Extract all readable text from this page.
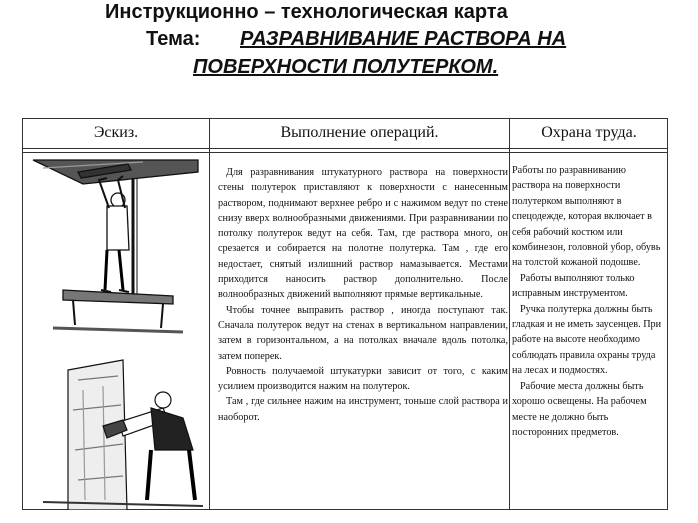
Инструкционно – технологическая карта
Тема: РАЗРАВНИВАНИЕ РАСТВОРА НА
ПОВЕРХНОСТИ ПОЛУТЕРКОМ.
Эскиз.	Выполнение операций.	Охрана труда.

Для разравнивания штукатурного раствора на поверхности стены полутерок приставляют к поверхности с нанесенным раствором, поднимают верхнее ребро и с нажимом ведут по стене снизу вверх волнообразными движениями. При разравнивании по потолку полутерок ведут на себя. Там, где раствора много, он срезается и собирается на полотне полутерка. Там , где его недостает, снятый излишний раствор намазывается. Местами приходится наносить раствор дополнительно. После волнообразных движений выполняют прямые вертикальные.

Чтобы точнее выправить раствор , иногда поступают так. Сначала полутерок ведут на стенах в вертикальном направлении, затем в горизонтальном, а на потолках вначале вдоль потолка, затем поперек.

Ровность получаемой штукатурки зависит от того, с каким усилием производится нажим на полутерок.

Там , где сильнее нажим на инструмент, тоньше слой раствора и наоборот.

Работы по разравниванию раствора на поверхности полутерком выполняют в спецодежде, которая включает в себя рабочий костюм или комбинезон, головной убор, обувь на толстой кожаной подошве.

Работы выполняют только исправным инструментом.

Ручка полутерка должны быть гладкая и не иметь заусенцев. При работе на высоте необходимо соблюдать правила охраны труда на лесах и подмостях.

Рабочие места должны быть хорошо освещены. На рабочем месте не должно быть посторонних предметов.
